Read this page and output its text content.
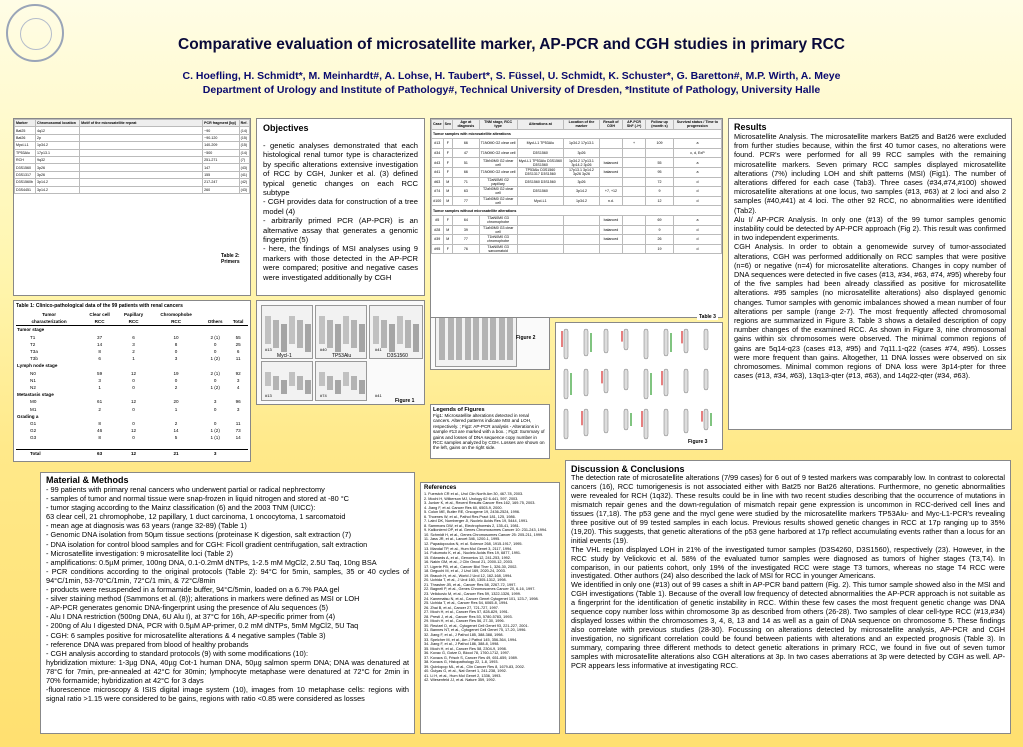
Comparative evaluation of microsatellite marker, AP-PCR and CGH studies in primary RCC
C. Hoefling, H. Schmidt*, M. Meinhardt#, A. Lohse, H. Taubert*, S. Füssel, U. Schmidt, K. Schuster*, G. Baretton#, M.P. Wirth, A. Meye
Department of Urology and Institute of Pathology#, Technical University of Dresden, *Institute of Pathology, University Halle
Marker	Chromosomal location	Motif of the microsatellite repeat	PCR fragment [bp]	Ref.
Bat25	4q12		~90	(14)
Bat26	2p		~90-120	(15)
Mycl-L1	1p34.2		140-209	(15)
TP53Alu	17p13.1		~500	(14)
RCH	9q32		251-271	(7)
D3S1560	3p26		147	(43)
D3S1317	3p26		155	(41)
D3S1560b	3p14.2		217-247	(42)
D3S4451	3p14.2		260	(43)
Table 2: Primers
Table 1: Clinico-pathological data of the 99 patients with renal cancers
Tumor	Clear cell	Papillary	Chromophobe		
characterization	RCC	RCC	RCC	Others	Total
Tumor stage					
T1	37	6	10	2 (1)	55
T2	14	3	8	0	25
T3a	8	2	0	0	6
T3b	6	1	3	1 (2)	11
Lymph node stage					
N0	59	12	19	2 (1)	92
N1	3	0	0	0	3
N2	1	0	2	1 (2)	4
Metastasis stage					
M0	61	12	20	3	96
M1	2	0	1	0	3
Grading a					
G1	8	0	2	0	11
G2	46	12	14	1 (2)	73
G3	8	0	5	1 (1)	14

Total	63	12	21	3	
Objectives
- genetic analyses demonstrated that each histological renal tumor type is characterized by specific alterations extensive investigation of RCC by CGH, Junker et al. (3) defined typical genetic changes on each RCC subtype
- CGH provides data for construction of a tree model (4)
- arbitrarily primed PCR (AP-PCR) is an alternative assay that generates a genomic fingerprint (5)
- here, the findings of MSI analyses using 9 markers with those detected in the AP-PCR were compared; positive and negative cases were investigated additionally by CGH
Mycl-1	TP53Alu	D3S1560
#13	#40	#41
#13	#74	#41
Figure 1
Figure 2
Legends of Figures
Fig1: Microsatellite alterations detected in renal cancers. Altered patterns indicate MSI and LOH, respectively. ; Fig2: AP-PCR analysis - Alterations in sample #13 are marked with a box. ; Fig3: Summary of gains and losses of DNA sequence copy number in RCC samples analyzed by CGH. Losses are shown on the left, gains on the right side.
Figure 3
Case	Sex	Age at diagnosis	TNM stage, RCC type	Alterations at	Location of the marker	Result of CGH	AP-PCR ShF (-/+)	Follow up (month s)	Survival status / Time to progression
Tumor samples with microsatellite alterations									
#13	F	66	T1N0M0 G2 clear cell	Mycl-L1 TP53Alu	1p34.2 17p13.1		+	109	a
#34	F	47	T1N0M0 G2 clear cell	D3S1560	3p26				c, d, ExP
#43	F	51	T3bN0M0 G2 clear cell	Mycl-L1 TP53Alu D3S1560 D3S1560	1p34.2 17p13.1 3p14.2 3p26	balanced		55	a
#41	F	66	T1N0M0 G2 clear cell	TP53Alu D3S1560 D3S1317 D3S1560	17p13.1 3p14.2 3p26 3p26	balanced		95	a
#63	M	71	T2aN0M0 G2 papillary	D3S1560 D3S1560	3p26			72	d
#74	M	63	T2aN0M0 G2 clear cell	D3S1560	3p14.2	+7, +12		9	d
#100	M	77	T1aN0M0 G2 clear cell	Mycl-L1	1p34.2	n.d.		12	d
Tumor samples without microsatellite alterations									
#5	F	64	T3aN0M0 G3 chromophobe			balanced		69	a
#28	M	39	T1aN0M0 G3 clear cell			balanced		9	d
#39	M	77	T1bN0M0 G3 chromophobe			balanced		26	d
#95	F	76	T4aN0M0 G3 sarcomatoid					19	d
Table 3
Results
Microsatellite Analysis. The microsatellite markers Bat25 and Bat26 were excluded from further studies because, within the first 40 tumor cases, no alterations were found. PCR's were performed for all 99 RCC samples with the remaining microsatellite markers. Seven primary RCC samples displayed microsatellite alterations (7%) including LOH and shift patterns (MSI) (Fig1). The number of alterations differed for each case (Tab3). Three cases (#34,#74,#100) showed microsatellite alterations at one locus, two samples (#13, #63) at 2 loci and also 2 samples (#40,#41) at 4 loci. The other 92 RCC, no abnormalities were identified (Tab2).
Alu I/ AP-PCR Analysis. In only one (#13) of the 99 tumor samples genomic instability could be detected by AP-PCR approach (Fig 2). This result was confirmed in two independent experiments.
CGH Analysis. In order to obtain a genomewide survey of tumor-associated alterations, CGH was performed additionally on RCC samples that were positive (n=6) or negative (n=4) for microsatellite alterations. Changes in copy number of DNA sequences were detected in five cases (#13, #34, #63, #74, #95) whereby four of the five samples had been already classified as positive for microsatellite alterations. #95 samples (no microsatellite alterations) also displayed genomic changes. Tumor samples with genomic imbalances showed a mean number of four alterations per sample (range 2-7). The most frequently affected chromosomal regions are summarized in Figure 3. Table 3 shows a detailed description of copy number changes of the examined RCC. As shown in Figure 3, nine chromosomal gains within six chromosomes were observed. The minimal common regions of gains are 5q14-q23 (cases #13, #95) and 7q11.1-q22 (cases #74, #95). Losses were more frequent than gains. Altogether, 11 DNA losses were observed on six chromosomes. Minimal common regions of DNA loss were 3p14-pter for three cases (#13, #34, #63), 13q13-qter (#13, #63), and 14q22-qter (#34, #63).
Material & Methods
- 99 patients with primary renal cancers who underwent partial or radical nephrectomy
- samples of tumor and normal tissue were snap-frozen in liquid nitrogen and stored at -80 °C
- tumor staging according to the Mainz classification (6) and the 2003 TNM (UICC):
63 clear cell, 21 chromophobe, 12 papillary, 1 duct carcinoma, 1 oncocytoma, 1 sarcomatoid
- mean age at diagnosis was 63 years (range 32-89) (Table 1)
- Genomic DNA isolation from 50µm tissue sections (proteinase K digestion, salt extraction (7)
- DNA isolation for control blood samples and for CGH: Ficoll gradient centrifugation, salt extraction
- Microsatellite investigation: 9 microsatellite loci (Table 2)
- amplifications: 0.5µM primer, 100ng DNA, 0.1-0.2mM dNTPs, 1-2.5 mM MgCl2, 2.5U Taq, 10ng BSA
- PCR conditions according to the original protocols (Table 2): 94°C for 5min, samples, 35 or 40 cycles of 94°C/1min, 53-70°C/1min, 72°C/1 min, & 72°C/8min
- products were resuspended in a formamide buffer, 94°C/5min, loaded on a 6.7% PAA gel
- silver staining method (Sammons et al. (8)); alterations in markers were defined as MSI or LOH
- AP-PCR generates genomic DNA-fingerprint using the presence of Alu sequences (5)
- Alu I DNA restriction (500ng DNA, 6U Alu I), at 37°C for 16h, AP-specific primer from (4)
- 200ng of Alu I digested DNA, PCR with 0.5µM AP-primer, 0.2 mM dNTPs, 5mM MgCl2, 5U Taq
- CGH: 6 samples positive for microsatellite alterations & 4 negative samples (Table 3)
- reference DNA was prepared from blood of healthy probands
- CGH analysis according to standard protocols (9) with some modifications (10):
hybridization mixture: 1-3µg DNA, 40µg Cot-1 human DNA, 50µg salmon sperm DNA; DNA was denatured at 78°C for 7min, pre-annealed at 42°C for 30min; lymphocyte metaphase were denatured at 72°C for 2min in 70% formamide; hybridization at 42°C for 3 days
-fluorescence microscopy & ISIS digital image system (10), images from 10 metaphase cells: regions with signal ratio >1.15 were considered to be gains, regions with ratio <0.85 were considered as losses
References
1. Fuerstch CR et al., Urol Clin North Am 30, 467-78, 2003.
2. Mochi H, Wilkerson MJ, Urology 62 6-441, 597, 2003.
3. Junker K, et al., Recent Results Cancer Res 162, 169-75, 2003.
4. Jiang F, et al. Cancer Res 60, 6503-9, 2000.
5. Colon ME, Butler RE, Oncogene 19, 2436-2524, 1996.
6. Thoenes W, et al., Pathol Res Pract 181, 125, 1986.
7. Laird DK, Nurnberger JI, Nucleic Acids Res 19, 5444, 1991.
8. Sammons DW, et al., Electrophoresis 2, 135-41, 1981.
9. Kallioniemi OP, et al. Genes Chromosomes Cancer 10: 231-243, 1994.
10. Schmidt H, et al., Genes Chromosomes Cancer 25: 205-211, 1999.
11. Jass JR, et al., Lancet 346, 1200-1, 1995.
12. Papadopoulos N, et al. Science 268, 1915-1917, 1995.
13. Mandal TP, et al., Hum Mol Genet 3, 2117, 1994.
14. Fukumoto K, et al., Nucleic Acids Res 19, 6877, 1991.
15. Edwards A, et al., Genomics 12, 241-253, 1992.
16. Nakin GM, et al., J Clin Oncol 21, 2000-12, 2003.
17. Ligerie PB, et al., Cancer Biol Ther 1, 326-30, 2002.
18. Deguchi M, et al., J Urol 169, 2020-24, 2003.
19. Brauch H, et al., World J Urol 12, 162-168, 1994.
20. Uchida T, et al., J Urol 160, 1305-1312, 1998.
21. Thrasher JB, et al., Cancer Res 58, 2267-72, 1997.
22. Bagnell P, et al., Genes Chromosomes Cancer 20, 6-16, 1997.
23. Velickovic M, et al., Cancer Res 59, 1322-1326, 1999.
24. Kanematsu N, et al., Cancer Genet Cytogenet 101, 123-7, 1998.
25. Uchida T, et al., Cancer Res 54, 6065-8, 1994.
26. Zhai B, et al., Cancer 27, 721-727, 1997.
27. Moch H, et al., Cancer Res 57, 828-829, 1991.
28. Presti J, et al., Cancer Res 53, 5780-5783, 1993.
29. Moch H, et al., Cancer Res 56, 27-30, 1996.
30. Reutzel D, et al., Cytogenet Cell Genet 93, 221-227, 2001.
31. Bannes NT, et al., Cytogenet Cell Genet 75, 17-20, 1996.
32. Jiang F, et al., J Pathol 185, 388-388, 1998.
33. Speicher M, et al., Am J Pathol 145, 356-364, 1994.
34. Jiang F, et al., J Pathol 186, 388-8, 1998.
35. Moch H, et al., Cancer Res 58, 2304-9, 1998.
36. Kovac G, Gotze D, Blood 78, 1760-1712, 1997.
37. Kovacs G, Frisch S, Cancer Res 49, 651-659, 1989.
38. Kovacs G, Histopathology 22, 1-8, 1993.
39. Quinlopop ML, et al., Clin Cancer Res 8, 1679-83, 2002.
40. Gulyas G, et al., Nat Genet 1, 241-238, 1992.
41. Li H, et al., Hum Mol Genet 2, 1336, 1993.
42. Wiesenfeld JJ, et al. Nature 359, 1992.
Discussion & Conclusions
The detection rate of microsatellite alterations (7/99 cases) for 6 out of 9 tested markers was comparably low. In contrast to colorectal cancers (16), RCC tumorigenesis is not associated either with Bat25 nor Bat26 alterations. Furthermore, no genetic abnormalities were revealed for RCH (1q32). These results could be in line with two recent studies describing that the occurrence of mutations in mismatch repair genes and the down-regulation of mismatch repair gene expression is uncommon in RCC-derived cell lines and tissues (17,18). The p53 gene and the mycl gene were studied by the microsatellite markers TP53Alu- and Myc-L1-PCR's revealing three positive out of 99 tested samples in each locus. Previous results showed genetic changes in RCC at 17p ranging up to 35% (19,20). This suggests, that genetic alterations of the p53 gene harbored at 17p reflect accumulating events rather than a locus for an initial events (19).
The VHL region displayed LOH in 21% of the investigated tumor samples (D3S4260, D3S1560), respectively (23). However, in the RCC study by Velickovic et al. 58% of the evaluated tumor samples were diagnosed as tumors of higher stages (T3,T4). In comparison, in our patients cohort, only 19% of the investigated RCC were stage T3 tumors, whereas no stage T4 RCC were investigated. Other authors (24) also described the lack of MSI for RCC in younger Americans.
We identified in only one (#13) out of 99 cases a shift in AP-PCR band pattern (Fig. 2). This tumor sample showed also in the MSI and CGH investigations (Table 1). Because of the overall low frequency of detected abnormalities the AP-PCR approach is not suitable as a fingerprint for the identification of genetic instability in RCC. Within these few cases the most frequent genetic change was DNA sequence copy number loss within chromosome 3p as described from others (26-28). Two samples of clear cell-type RCC (#13,#34) displayed losses within the chromosomes 3, 4, 8, 13 and 14 as well as a gain of DNA sequence on chromosome 5. These findings also correlate with previous studies (28-30). Focussing on alterations detected by microsatellite analysis, AP-PCR and CGH investigation, no significant correlation could be found between patients with alterations and an expected prognosis (Table 3). In summary, comparing three different methods to detect genetic alterations in primary RCC, we found in five out of seven tumor samples with microsatellite alterations also CGH alterations at 3p. In two cases aberrations at 3p were detected by CGH as well. AP-PCR appears less informative at investigating RCC.
